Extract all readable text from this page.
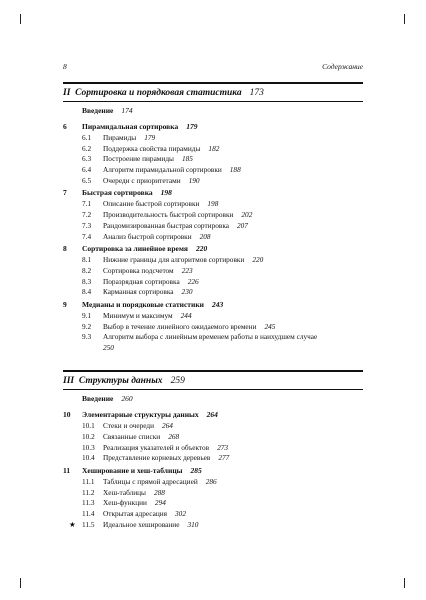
8	Содержание
II Сортировка и порядковая статистика 173
Введение 174
6 Пирамидальная сортировка 179
6.1 Пирамиды 179
6.2 Поддержка свойства пирамиды 182
6.3 Построение пирамиды 185
6.4 Алгоритм пирамидальной сортировки 188
6.5 Очереди с приоритетами 190
7 Быстрая сортировка 198
7.1 Описание быстрой сортировки 198
7.2 Производительность быстрой сортировки 202
7.3 Рандомизированная быстрая сортировка 207
7.4 Анализ быстрой сортировки 208
8 Сортировка за линейное время 220
8.1 Нижние границы для алгоритмов сортировки 220
8.2 Сортировка подсчетом 223
8.3 Поразрядная сортировка 226
8.4 Карманная сортировка 230
9 Медианы и порядковые статистики 243
9.1 Минимум и максимум 244
9.2 Выбор в течение линейного ожидаемого времени 245
9.3 Алгоритм выбора с линейным временем работы в наихудшем случае
250
III Структуры данных 259
Введение 260
10 Элементарные структуры данных 264
10.1 Стеки и очереди 264
10.2 Связанные списки 268
10.3 Реализация указателей и объектов 273
10.4 Представление корневых деревьев 277
11 Хеширование и хеш-таблицы 285
11.1 Таблицы с прямой адресацией 286
11.2 Хеш-таблицы 288
11.3 Хеш-функции 294
11.4 Открытая адресация 302
★ 11.5 Идеальное хеширование 310
